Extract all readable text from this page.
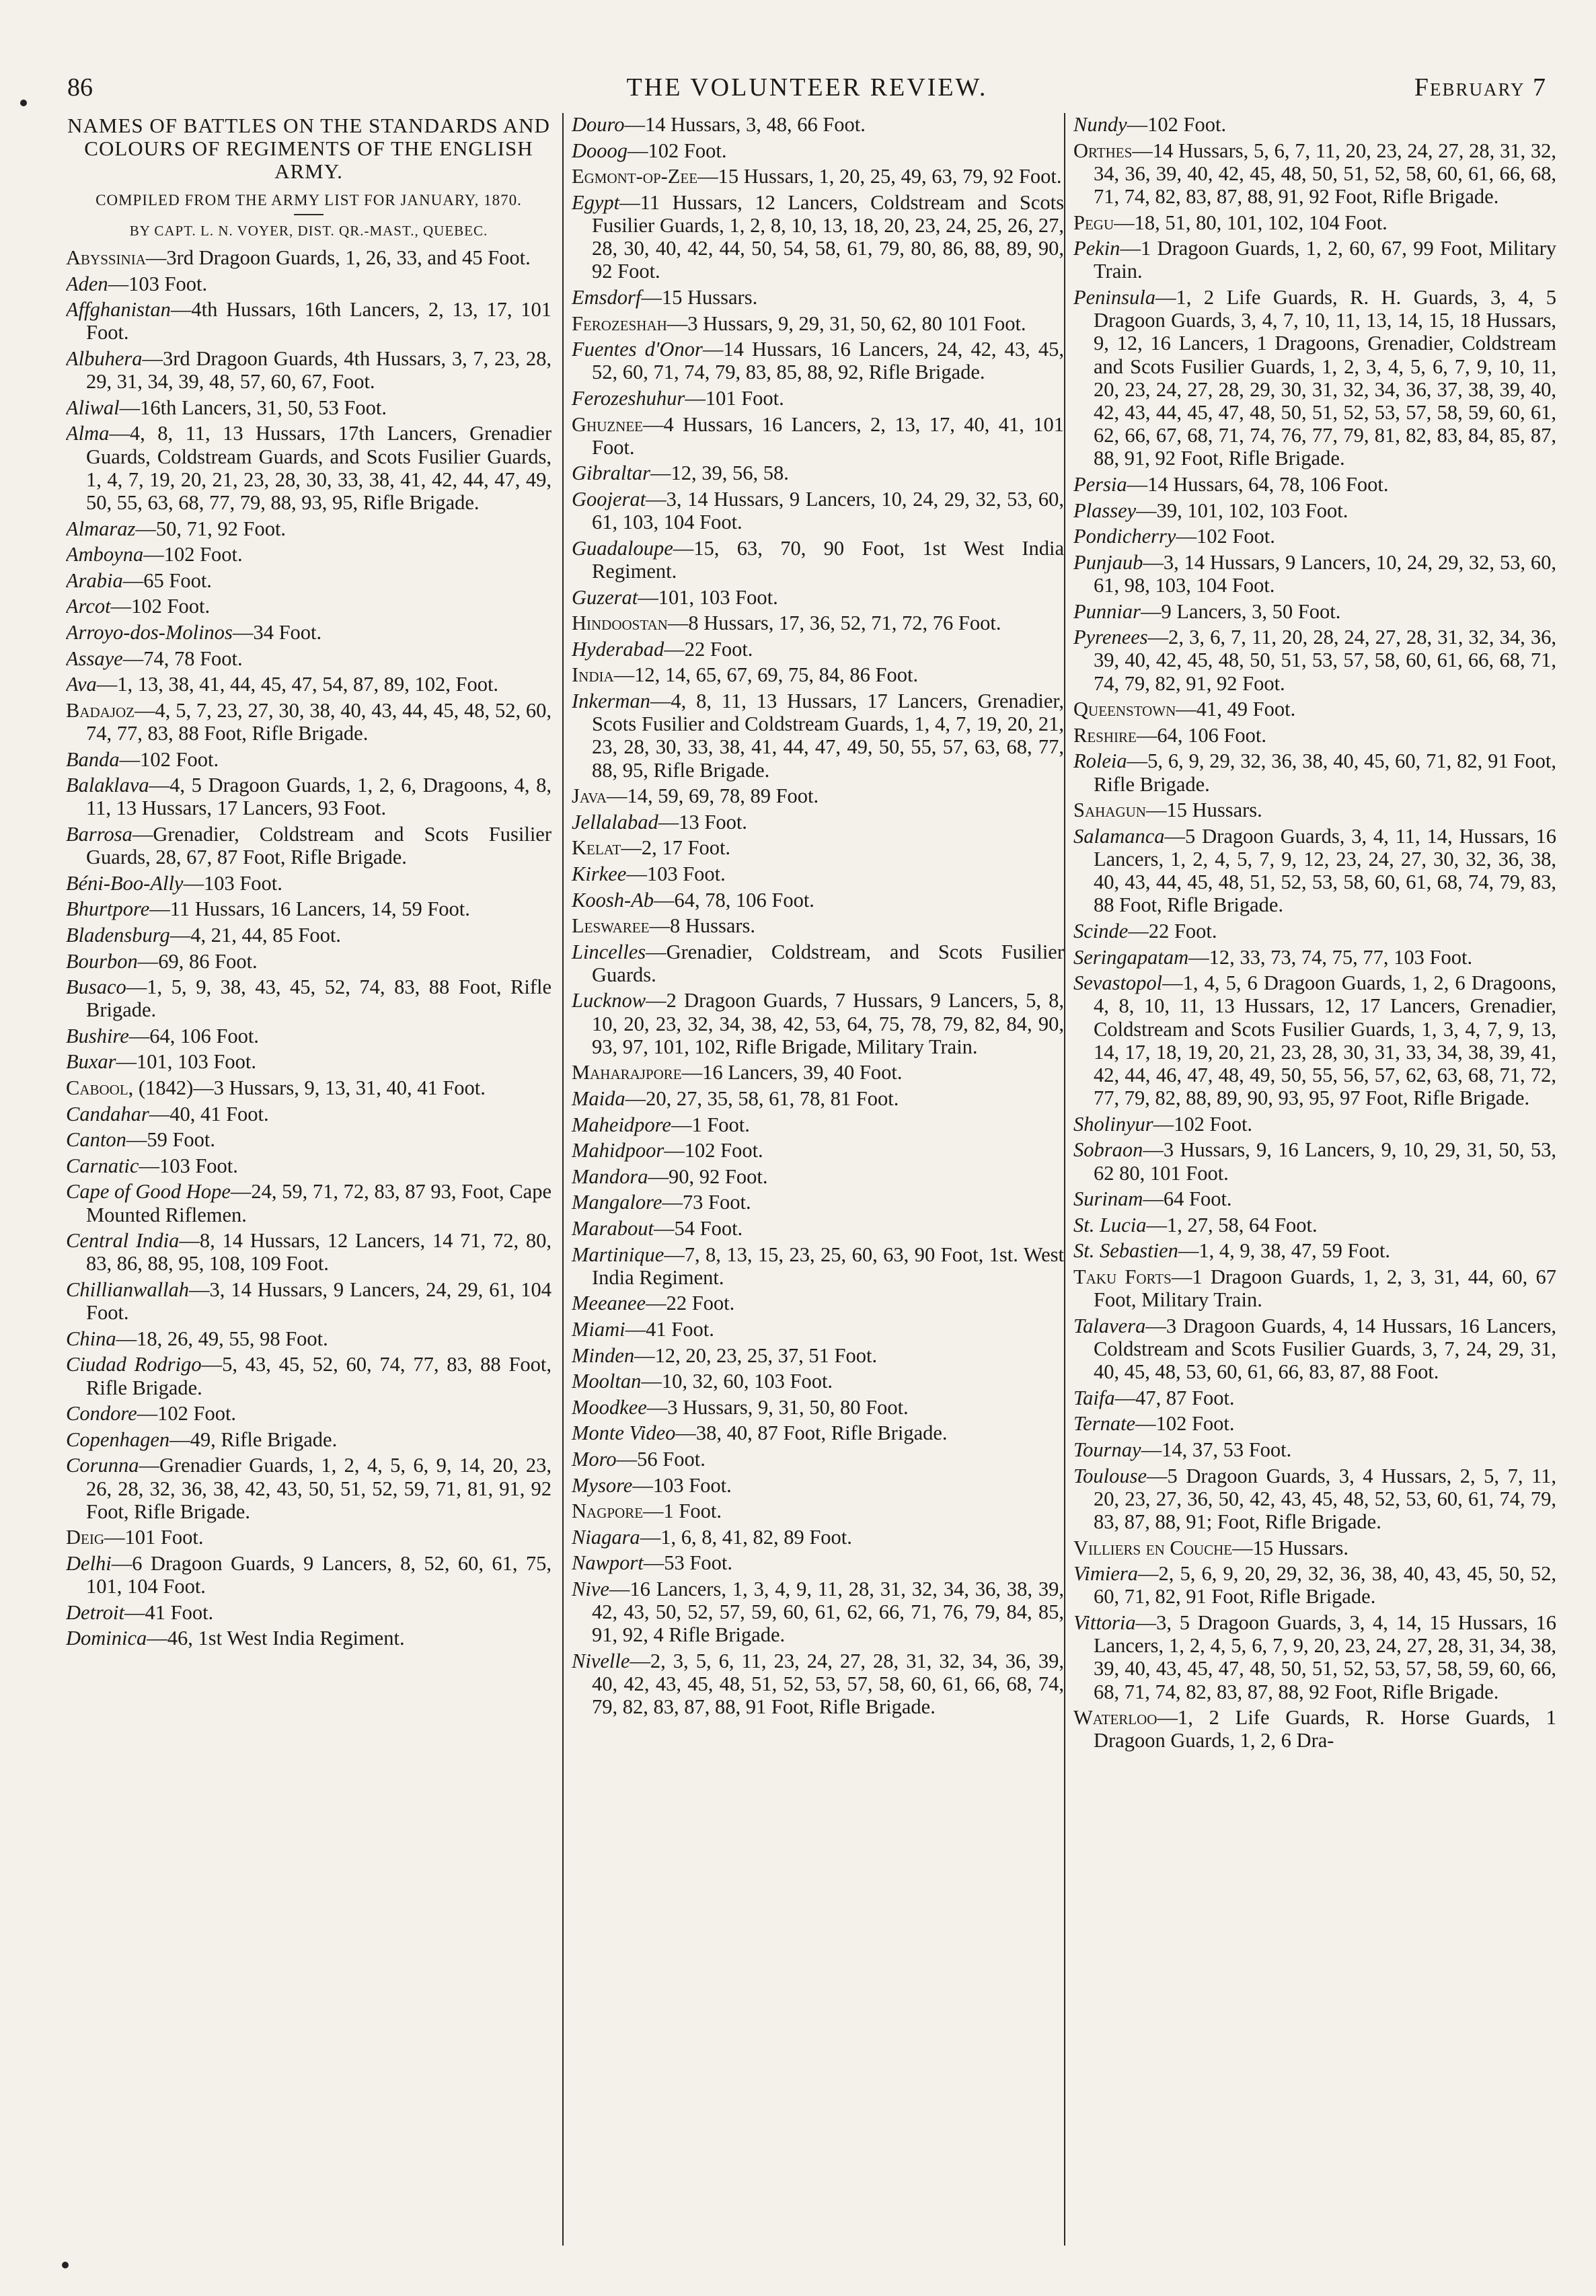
86	THE VOLUNTEER REVIEW.	February 7
NAMES OF BATTLES ON THE STANDARDS AND COLOURS OF REGIMENTS OF THE ENGLISH ARMY.
COMPILED FROM THE ARMY LIST FOR JANUARY, 1870.
BY CAPT. L. N. VOYER, DIST. QR.-MAST., QUEBEC.
Abyssinia—3rd Dragoon Guards, 1, 26, 33, and 45 Foot.
Aden—103 Foot.
Affghanistan—4th Hussars, 16th Lancers, 2, 13, 17, 101 Foot.
Albuhera—3rd Dragoon Guards, 4th Hussars, 3, 7, 23, 28, 29, 31, 34, 39, 48, 57, 60, 67, Foot.
Aliwal—16th Lancers, 31, 50, 53 Foot.
Alma—4, 8, 11, 13 Hussars, 17th Lancers, Grenadier Guards, Coldstream Guards, and Scots Fusilier Guards, 1, 4, 7, 19, 20, 21, 23, 28, 30, 33, 38, 41, 42, 44, 47, 49, 50, 55, 63, 68, 77, 79, 88, 93, 95, Rifle Brigade.
Almaraz—50, 71, 92 Foot.
Amboyna—102 Foot.
Arabia—65 Foot.
Arcot—102 Foot.
Arroyo-dos-Molinos—34 Foot.
Assaye—74, 78 Foot.
Ava—1, 13, 38, 41, 44, 45, 47, 54, 87, 89, 102, Foot.
Badajoz—4, 5, 7, 23, 27, 30, 38, 40, 43, 44, 45, 48, 52, 60, 74, 77, 83, 88 Foot, Rifle Brigade.
Banda—102 Foot.
Balaklava—4, 5 Dragoon Guards, 1, 2, 6, Dragoons, 4, 8, 11, 13 Hussars, 17 Lancers, 93 Foot.
Barrosa—Grenadier, Coldstream and Scots Fusilier Guards, 28, 67, 87 Foot, Rifle Brigade.
Béni-Boo-Ally—103 Foot.
Bhurtpore—11 Hussars, 16 Lancers, 14, 59 Foot.
Bladensburg—4, 21, 44, 85 Foot.
Bourbon—69, 86 Foot.
Busaco—1, 5, 9, 38, 43, 45, 52, 74, 83, 88 Foot, Rifle Brigade.
Bushire—64, 106 Foot.
Buxar—101, 103 Foot.
Cabool, (1842)—3 Hussars, 9, 13, 31, 40, 41 Foot.
Candahar—40, 41 Foot.
Canton—59 Foot.
Carnatic—103 Foot.
Cape of Good Hope—24, 59, 71, 72, 83, 87 93, Foot, Cape Mounted Riflemen.
Central India—8, 14 Hussars, 12 Lancers, 14 71, 72, 80, 83, 86, 88, 95, 108, 109 Foot.
Chillianwallah—3, 14 Hussars, 9 Lancers, 24, 29, 61, 104 Foot.
China—18, 26, 49, 55, 98 Foot.
Ciudad Rodrigo—5, 43, 45, 52, 60, 74, 77, 83, 88 Foot, Rifle Brigade.
Condore—102 Foot.
Copenhagen—49, Rifle Brigade.
Corunna—Grenadier Guards, 1, 2, 4, 5, 6, 9, 14, 20, 23, 26, 28, 32, 36, 38, 42, 43, 50, 51, 52, 59, 71, 81, 91, 92 Foot, Rifle Brigade.
Deig—101 Foot.
Delhi—6 Dragoon Guards, 9 Lancers, 8, 52, 60, 61, 75, 101, 104 Foot.
Detroit—41 Foot.
Dominica—46, 1st West India Regiment.
Douro—14 Hussars, 3, 48, 66 Foot.
Dooog—102 Foot.
Egmont-op-Zee—15 Hussars, 1, 20, 25, 49, 63, 79, 92 Foot.
Egypt—11 Hussars, 12 Lancers, Coldstream and Scots Fusilier Guards, 1, 2, 8, 10, 13, 18, 20, 23, 24, 25, 26, 27, 28, 30, 40, 42, 44, 50, 54, 58, 61, 79, 80, 86, 88, 89, 90, 92 Foot.
Emsdorf—15 Hussars.
Ferozeshah—3 Hussars, 9, 29, 31, 50, 62, 80 101 Foot.
Fuentes d'Onor—14 Hussars, 16 Lancers, 24, 42, 43, 45, 52, 60, 71, 74, 79, 83, 85, 88, 92, Rifle Brigade.
Ferozeshuhur—101 Foot.
Ghuznee—4 Hussars, 16 Lancers, 2, 13, 17, 40, 41, 101 Foot.
Gibraltar—12, 39, 56, 58.
Goojerat—3, 14 Hussars, 9 Lancers, 10, 24, 29, 32, 53, 60, 61, 103, 104 Foot.
Guadaloupe—15, 63, 70, 90 Foot, 1st West India Regiment.
Guzerat—101, 103 Foot.
Hindoostan—8 Hussars, 17, 36, 52, 71, 72, 76 Foot.
Hyderabad—22 Foot.
India—12, 14, 65, 67, 69, 75, 84, 86 Foot.
Inkerman—4, 8, 11, 13 Hussars, 17 Lancers, Grenadier, Scots Fusilier and Coldstream Guards, 1, 4, 7, 19, 20, 21, 23, 28, 30, 33, 38, 41, 44, 47, 49, 50, 55, 57, 63, 68, 77, 88, 95, Rifle Brigade.
Java—14, 59, 69, 78, 89 Foot.
Jellalabad—13 Foot.
Kelat—2, 17 Foot.
Kirkee—103 Foot.
Koosh-Ab—64, 78, 106 Foot.
Leswaree—8 Hussars.
Lincelles—Grenadier, Coldstream, and Scots Fusilier Guards.
Lucknow—2 Dragoon Guards, 7 Hussars, 9 Lancers, 5, 8, 10, 20, 23, 32, 34, 38, 42, 53, 64, 75, 78, 79, 82, 84, 90, 93, 97, 101, 102, Rifle Brigade, Military Train.
Maharajpore—16 Lancers, 39, 40 Foot.
Maida—20, 27, 35, 58, 61, 78, 81 Foot.
Maheidpore—1 Foot.
Mahidpoor—102 Foot.
Mandora—90, 92 Foot.
Mangalore—73 Foot.
Marabout—54 Foot.
Martinique—7, 8, 13, 15, 23, 25, 60, 63, 90 Foot, 1st. West India Regiment.
Meeanee—22 Foot.
Miami—41 Foot.
Minden—12, 20, 23, 25, 37, 51 Foot.
Mooltan—10, 32, 60, 103 Foot.
Moodkee—3 Hussars, 9, 31, 50, 80 Foot.
Monte Video—38, 40, 87 Foot, Rifle Brigade.
Moro—56 Foot.
Mysore—103 Foot.
Nagpore—1 Foot.
Niagara—1, 6, 8, 41, 82, 89 Foot.
Nawport—53 Foot.
Nive—16 Lancers, 1, 3, 4, 9, 11, 28, 31, 32, 34, 36, 38, 39, 42, 43, 50, 52, 57, 59, 60, 61, 62, 66, 71, 76, 79, 84, 85, 91, 92, 4 Rifle Brigade.
Nivelle—2, 3, 5, 6, 11, 23, 24, 27, 28, 31, 32, 34, 36, 39, 40, 42, 43, 45, 48, 51, 52, 53, 57, 58, 60, 61, 66, 68, 74, 79, 82, 83, 87, 88, 91 Foot, Rifle Brigade.
Nundy—102 Foot.
Orthes—14 Hussars, 5, 6, 7, 11, 20, 23, 24, 27, 28, 31, 32, 34, 36, 39, 40, 42, 45, 48, 50, 51, 52, 58, 60, 61, 66, 68, 71, 74, 82, 83, 87, 88, 91, 92 Foot, Rifle Brigade.
Pegu—18, 51, 80, 101, 102, 104 Foot.
Pekin—1 Dragoon Guards, 1, 2, 60, 67, 99 Foot, Military Train.
Peninsula—1, 2 Life Guards, R. H. Guards, 3, 4, 5 Dragoon Guards, 3, 4, 7, 10, 11, 13, 14, 15, 18 Hussars, 9, 12, 16 Lancers, 1 Dragoons, Grenadier, Coldstream and Scots Fusilier Guards, 1, 2, 3, 4, 5, 6, 7, 9, 10, 11, 20, 23, 24, 27, 28, 29, 30, 31, 32, 34, 36, 37, 38, 39, 40, 42, 43, 44, 45, 47, 48, 50, 51, 52, 53, 57, 58, 59, 60, 61, 62, 66, 67, 68, 71, 74, 76, 77, 79, 81, 82, 83, 84, 85, 87, 88, 91, 92 Foot, Rifle Brigade.
Persia—14 Hussars, 64, 78, 106 Foot.
Plassey—39, 101, 102, 103 Foot.
Pondicherry—102 Foot.
Punjaub—3, 14 Hussars, 9 Lancers, 10, 24, 29, 32, 53, 60, 61, 98, 103, 104 Foot.
Punniar—9 Lancers, 3, 50 Foot.
Pyrenees—2, 3, 6, 7, 11, 20, 28, 24, 27, 28, 31, 32, 34, 36, 39, 40, 42, 45, 48, 50, 51, 53, 57, 58, 60, 61, 66, 68, 71, 74, 79, 82, 91, 92 Foot.
Queenstown—41, 49 Foot.
Reshire—64, 106 Foot.
Roleia—5, 6, 9, 29, 32, 36, 38, 40, 45, 60, 71, 82, 91 Foot, Rifle Brigade.
Sahagun—15 Hussars.
Salamanca—5 Dragoon Guards, 3, 4, 11, 14, Hussars, 16 Lancers, 1, 2, 4, 5, 7, 9, 12, 23, 24, 27, 30, 32, 36, 38, 40, 43, 44, 45, 48, 51, 52, 53, 58, 60, 61, 68, 74, 79, 83, 88 Foot, Rifle Brigade.
Scinde—22 Foot.
Seringapatam—12, 33, 73, 74, 75, 77, 103 Foot.
Sevastopol—1, 4, 5, 6 Dragoon Guards, 1, 2, 6 Dragoons, 4, 8, 10, 11, 13 Hussars, 12, 17 Lancers, Grenadier, Coldstream and Scots Fusilier Guards, 1, 3, 4, 7, 9, 13, 14, 17, 18, 19, 20, 21, 23, 28, 30, 31, 33, 34, 38, 39, 41, 42, 44, 46, 47, 48, 49, 50, 55, 56, 57, 62, 63, 68, 71, 72, 77, 79, 82, 88, 89, 90, 93, 95, 97 Foot, Rifle Brigade.
Sholinyur—102 Foot.
Sobraon—3 Hussars, 9, 16 Lancers, 9, 10, 29, 31, 50, 53, 62 80, 101 Foot.
Surinam—64 Foot.
St. Lucia—1, 27, 58, 64 Foot.
St. Sebastien—1, 4, 9, 38, 47, 59 Foot.
Taku Forts—1 Dragoon Guards, 1, 2, 3, 31, 44, 60, 67 Foot, Military Train.
Talavera—3 Dragoon Guards, 4, 14 Hussars, 16 Lancers, Coldstream and Scots Fusilier Guards, 3, 7, 24, 29, 31, 40, 45, 48, 53, 60, 61, 66, 83, 87, 88 Foot.
Taifa—47, 87 Foot.
Ternate—102 Foot.
Tournay—14, 37, 53 Foot.
Toulouse—5 Dragoon Guards, 3, 4 Hussars, 2, 5, 7, 11, 20, 23, 27, 36, 50, 42, 43, 45, 48, 52, 53, 60, 61, 74, 79, 83, 87, 88, 91; Foot, Rifle Brigade.
Villiers en Couche—15 Hussars.
Vimiera—2, 5, 6, 9, 20, 29, 32, 36, 38, 40, 43, 45, 50, 52, 60, 71, 82, 91 Foot, Rifle Brigade.
Vittoria—3, 5 Dragoon Guards, 3, 4, 14, 15 Hussars, 16 Lancers, 1, 2, 4, 5, 6, 7, 9, 20, 23, 24, 27, 28, 31, 34, 38, 39, 40, 43, 45, 47, 48, 50, 51, 52, 53, 57, 58, 59, 60, 66, 68, 71, 74, 82, 83, 87, 88, 92 Foot, Rifle Brigade.
Waterloo—1, 2 Life Guards, R. Horse Guards, 1 Dragoon Guards, 1, 2, 6 Dra-
